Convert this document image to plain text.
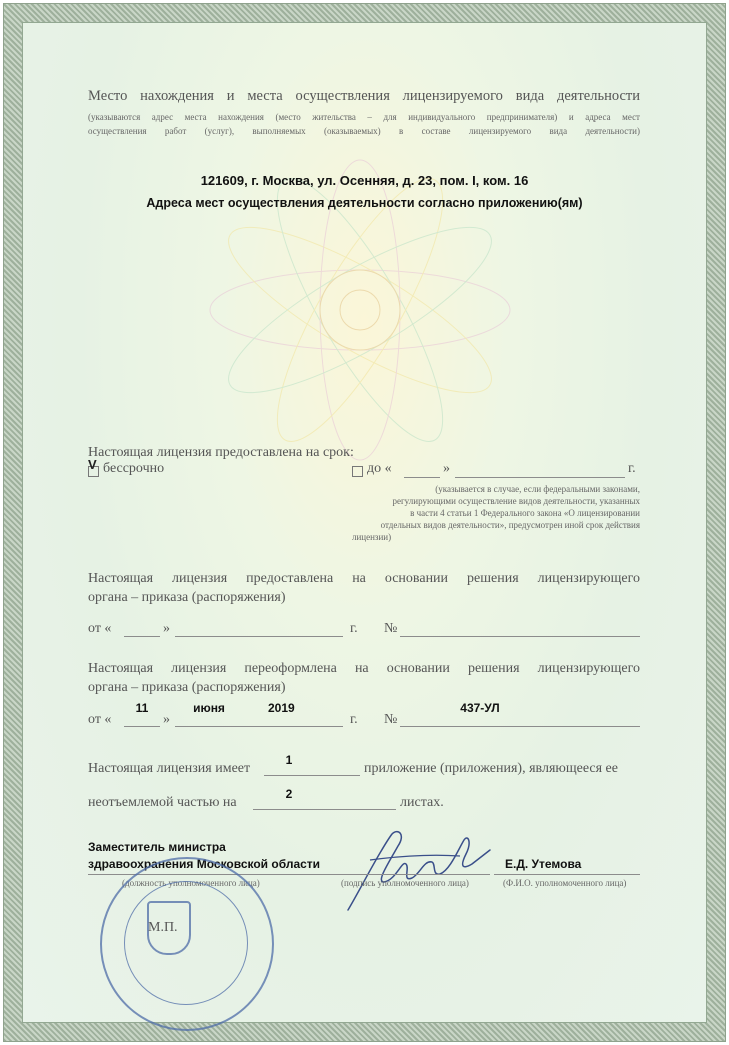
Место нахождения и места осуществления лицензируемого вида деятельности
(указываются адрес места нахождения (место жительства – для индивидуального предпринимателя) и адреса мест
осуществления работ (услуг), выполняемых (оказываемых) в составе лицензируемого вида деятельности)
121609, г. Москва, ул. Осенняя, д. 23, пом. I, ком. 16
Адреса мест осуществления деятельности согласно приложению(ям)
Настоящая лицензия предоставлена на срок:
V бессрочно	до «	»	г.
(указывается в случае, если федеральными законами,
регулирующими осуществление видов деятельности, указанных
в части 4 статьи 1 Федерального закона «О лицензировании
отдельных видов деятельности», предусмотрен иной срок действия
лицензии)
Настоящая лицензия предоставлена на основании решения лицензирующего
органа – приказа (распоряжения)
от «	»	г. №
Настоящая лицензия переоформлена на основании решения лицензирующего
органа – приказа (распоряжения)
от «
11
»
июня	2019
г. №
437-УЛ
Настоящая лицензия имеет
1
приложение (приложения), являющееся ее
неотъемлемой частью на
2
листах.
Заместитель министра
здравоохранения Московской области
(должность уполномоченного лица)	(подпись уполномоченного лица)
Е.Д. Утемова
(Ф.И.О. уполномоченного лица)
М.П.
